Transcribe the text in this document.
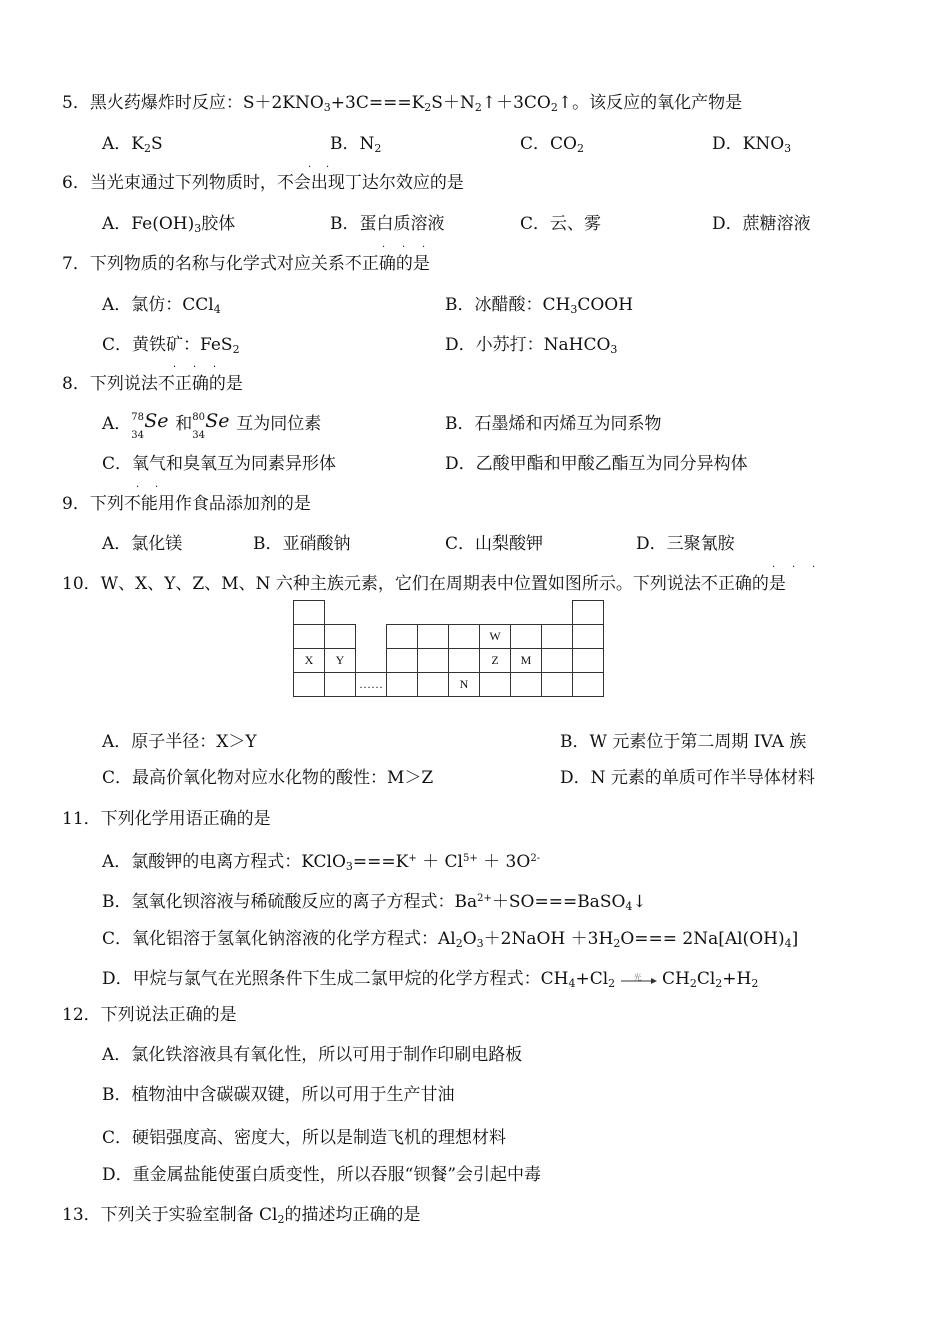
5．黑火药爆炸时反应：$S+2KNO_3+3C===K_2S+N_2↑+3CO_2↑$。该反应的氧化产物是
A．$K_2S$	B．$N_2$	C．$CO_2$	D．$KNO_3$
· ·
6．当光束通过下列物质时，不会出现丁达尔效应的是
A．$Fe(OH)_3$胶体	B．蛋白质溶液	C．云、雾	D．蔗糖溶液
· · ·
7．下列物质的名称与化学式对应关系不正确的是
A．氯仿：CCl$_4$	B．冰醋酸：$CH_3COOH$
C．黄铁矿：FeS$_2$	D．小苏打：NaHCO$_3$
· · ·
8．下列说法不正确的是
A． 78
34
Se 和 80
34
Se 互为同位素	B．石墨烯和丙烯互为同系物
C．氧气和臭氧互为同素异形体	D．乙酸甲酯和甲酸乙酯互为同分异构体
· ·
9．下列不能用作食品添加剂的是
A．氯化镁	B．亚硝酸钠	C．山梨酸钾	D．三聚氰胺
· · ·
10．W、X、Y、Z、M、N 六种主族元素，它们在周期表中位置如图所示。下列说法不正确的是

						W			
X	Y					Z	M		
		……			N				
A．原子半径：X＞Y	B．W 元素位于第二周期 IVA 族
C．最高价氧化物对应水化物的酸性：M＞Z	D．N 元素的单质可作半导体材料
11．下列化学用语正确的是
A．氯酸钾的电离方程式：KClO$_3$===K+ ＋ $Cl^{5+} + 3O^{2-}$
B．氢氧化钡溶液与稀硫酸反应的离子方程式：$Ba^{2+}+SO===BaSO_4↓$
C．氧化铝溶于氢氧化钠溶液的化学方程式：$Al_2O_3+2NaOH +3H_2O=== 2Na[Al(OH)_4]$
D．甲烷与氯气在光照条件下生成二氯甲烷的化学方程式：$CH_4+Cl_2$ 光 $CH_2Cl_2+H_2$
12．下列说法正确的是
A．氯化铁溶液具有氧化性，所以可用于制作印刷电路板
B．植物油中含碳碳双键，所以可用于生产甘油
C．硬铝强度高、密度大，所以是制造飞机的理想材料
D．重金属盐能使蛋白质变性，所以吞服“钡餐”会引起中毒
13．下列关于实验室制备 $Cl_2$的描述均正确的是
